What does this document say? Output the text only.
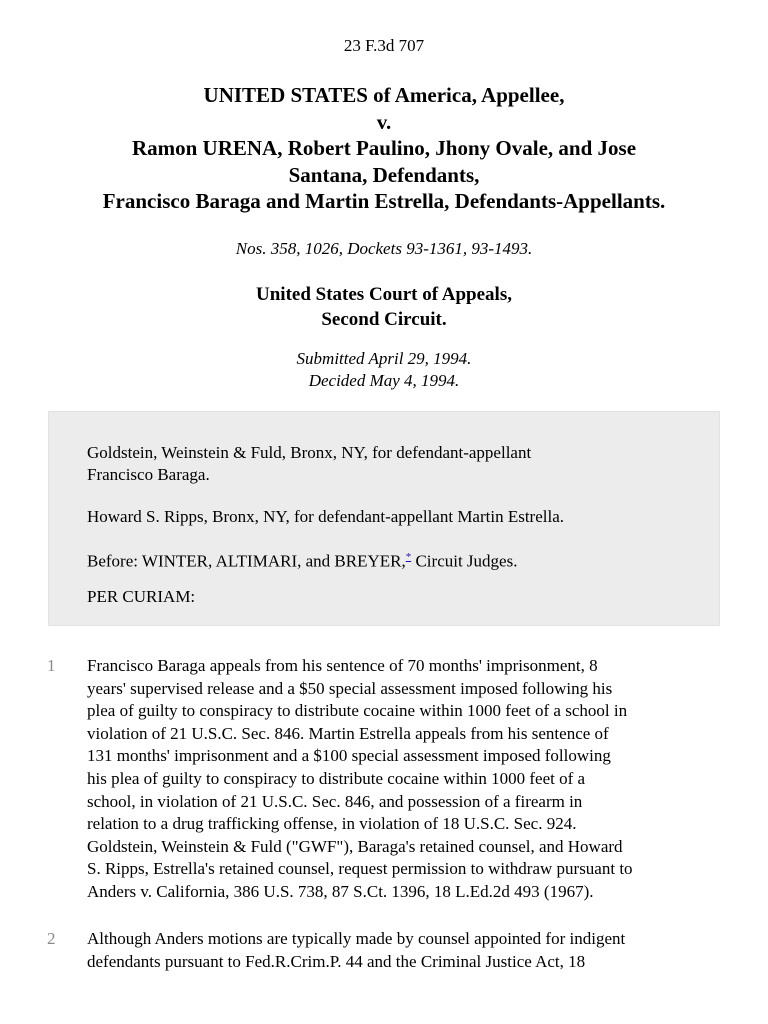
23 F.3d 707
UNITED STATES of America, Appellee,
v.
Ramon URENA, Robert Paulino, Jhony Ovale, and Jose
Santana, Defendants,
Francisco Baraga and Martin Estrella, Defendants-Appellants.
Nos. 358, 1026, Dockets 93-1361, 93-1493.
United States Court of Appeals,
Second Circuit.
Submitted April 29, 1994.
Decided May 4, 1994.

Goldstein, Weinstein & Fuld, Bronx, NY, for defendant-appellant
Francisco Baraga.

Howard S. Ripps, Bronx, NY, for defendant-appellant Martin Estrella.

Before: WINTER, ALTIMARI, and BREYER,* Circuit Judges.

PER CURIAM:

1 Francisco Baraga appeals from his sentence of 70 months' imprisonment, 8
years' supervised release and a $50 special assessment imposed following his
plea of guilty to conspiracy to distribute cocaine within 1000 feet of a school in
violation of 21 U.S.C. Sec. 846. Martin Estrella appeals from his sentence of
131 months' imprisonment and a $100 special assessment imposed following
his plea of guilty to conspiracy to distribute cocaine within 1000 feet of a
school, in violation of 21 U.S.C. Sec. 846, and possession of a firearm in
relation to a drug trafficking offense, in violation of 18 U.S.C. Sec. 924.
Goldstein, Weinstein & Fuld ("GWF"), Baraga's retained counsel, and Howard
S. Ripps, Estrella's retained counsel, request permission to withdraw pursuant to
Anders v. California, 386 U.S. 738, 87 S.Ct. 1396, 18 L.Ed.2d 493 (1967).
2 Although Anders motions are typically made by counsel appointed for indigent
defendants pursuant to Fed.R.Crim.P. 44 and the Criminal Justice Act, 18
